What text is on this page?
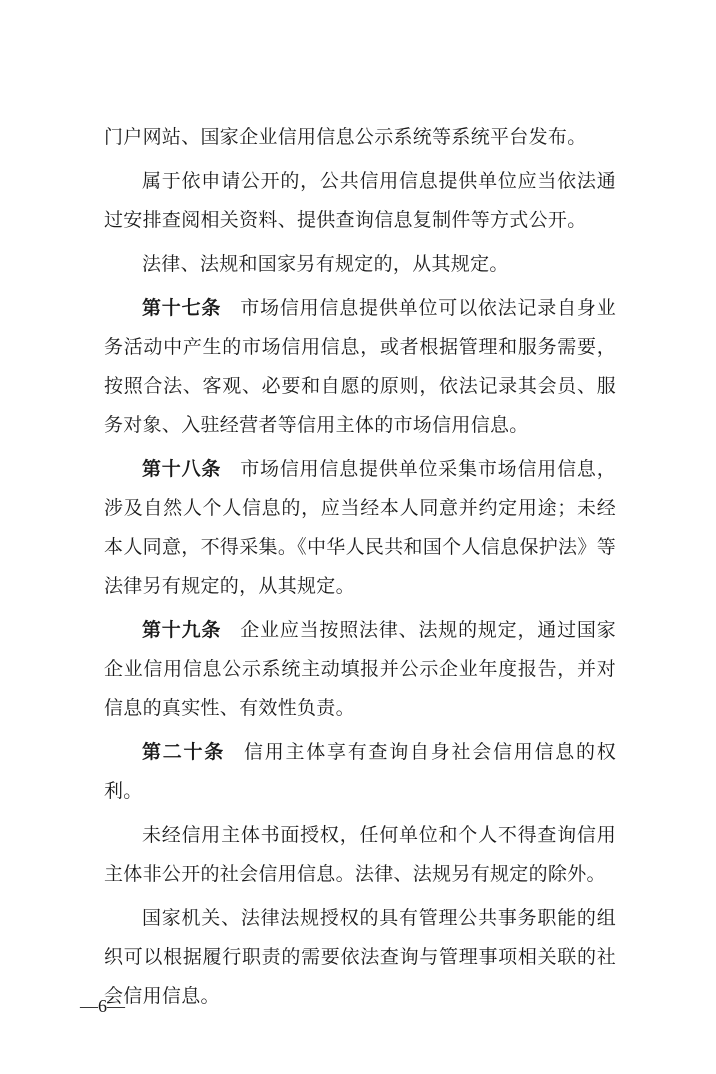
门户网站、国家企业信用信息公示系统等系统平台发布。

属于依申请公开的，公共信用信息提供单位应当依法通过安排查阅相关资料、提供查询信息复制件等方式公开。

法律、法规和国家另有规定的，从其规定。

第十七条 市场信用信息提供单位可以依法记录自身业务活动中产生的市场信用信息，或者根据管理和服务需要，按照合法、客观、必要和自愿的原则，依法记录其会员、服务对象、入驻经营者等信用主体的市场信用信息。

第十八条 市场信用信息提供单位采集市场信用信息，涉及自然人个人信息的，应当经本人同意并约定用途；未经本人同意，不得采集。《中华人民共和国个人信息保护法》等法律另有规定的，从其规定。

第十九条 企业应当按照法律、法规的规定，通过国家企业信用信息公示系统主动填报并公示企业年度报告，并对信息的真实性、有效性负责。

第二十条 信用主体享有查询自身社会信用信息的权利。

未经信用主体书面授权，任何单位和个人不得查询信用主体非公开的社会信用信息。法律、法规另有规定的除外。

国家机关、法律法规授权的具有管理公共事务职能的组织可以根据履行职责的需要依法查询与管理事项相关联的社会信用信息。

—6—
